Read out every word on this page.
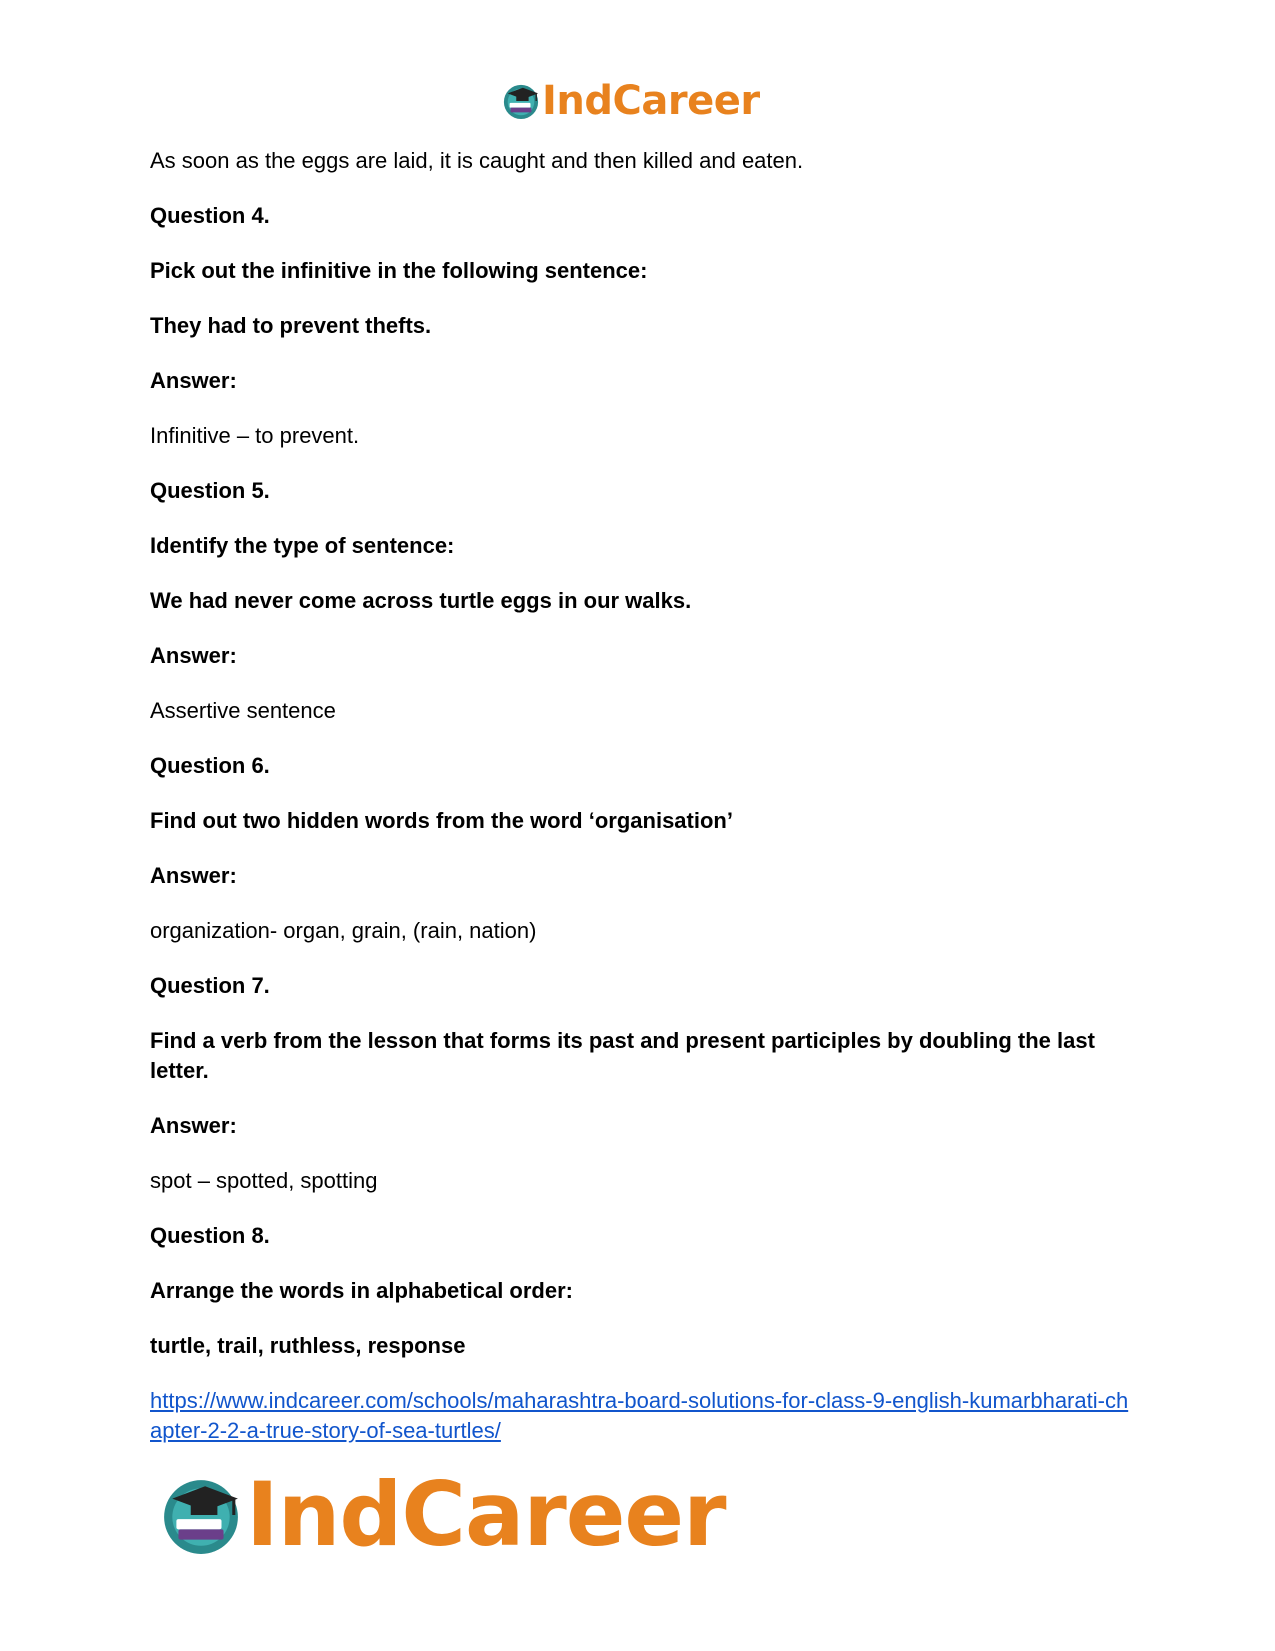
IndCareer

As soon as the eggs are laid, it is caught and then killed and eaten.

Question 4.

Pick out the infinitive in the following sentence:

They had to prevent thefts.

Answer:

Infinitive – to prevent.

Question 5.

Identify the type of sentence:

We had never come across turtle eggs in our walks.

Answer:

Assertive sentence

Question 6.

Find out two hidden words from the word ‘organisation’

Answer:

organization- organ, grain, (rain, nation)

Question 7.

Find a verb from the lesson that forms its past and present participles by doubling the last letter.

Answer:

spot – spotted, spotting

Question 8.

Arrange the words in alphabetical order:

turtle, trail, ruthless, response

https://www.indcareer.com/schools/maharashtra-board-solutions-for-class-9-english-kumarbharati-chapter-2-2-a-true-story-of-sea-turtles/
IndCareer
